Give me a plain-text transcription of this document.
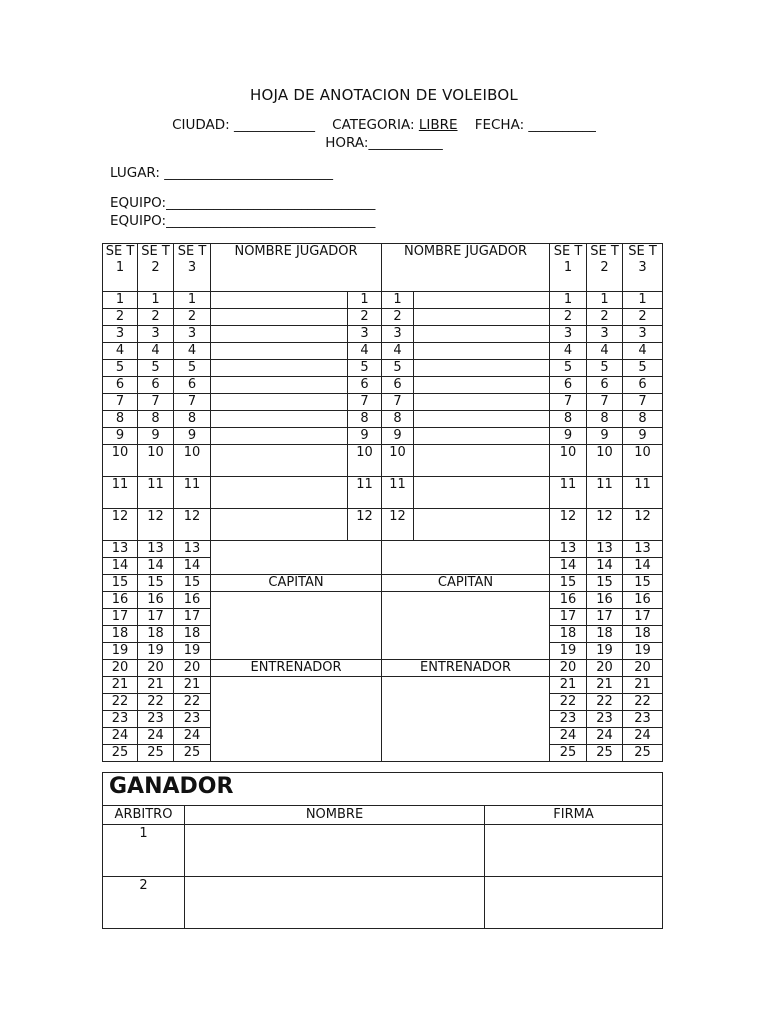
HOJA DE ANOTACION DE VOLEIBOL
CIUDAD: ____________ CATEGORIA: LIBRE FECHA: __________
HORA:___________
LUGAR: _________________________
EQUIPO:_______________________________
EQUIPO:_______________________________
SE T 1	SE T 2	SE T 3	NOMBRE JUGADOR		NOMBRE JUGADOR		SE T 1	SE T 2	SE T 3
1	1	1		1	1		1	1	1
2	2	2		2	2		2	2	2
3	3	3		3	3		3	3	3
4	4	4		4	4		4	4	4
5	5	5		5	5		5	5	5
6	6	6		6	6		6	6	6
7	7	7		7	7		7	7	7
8	8	8		8	8		8	8	8
9	9	9		9	9		9	9	9
10	10	10		10	10		10	10	10
11	11	11		11	11		11	11	11
12	12	12		12	12		12	12	12
13	13	13					13	13	13
14	14	14					14	14	14
15	15	15	CAPITAN		CAPITAN		15	15	15
16	16	16					16	16	16
17	17	17					17	17	17
18	18	18					18	18	18
19	19	19					19	19	19
20	20	20	ENTRENADOR		ENTRENADOR		20	20	20
21	21	21					21	21	21
22	22	22					22	22	22
23	23	23					23	23	23
24	24	24					24	24	24
25	25	25					25	25	25
GANADOR		
ARBITRO	NOMBRE	FIRMA
1		
2		
